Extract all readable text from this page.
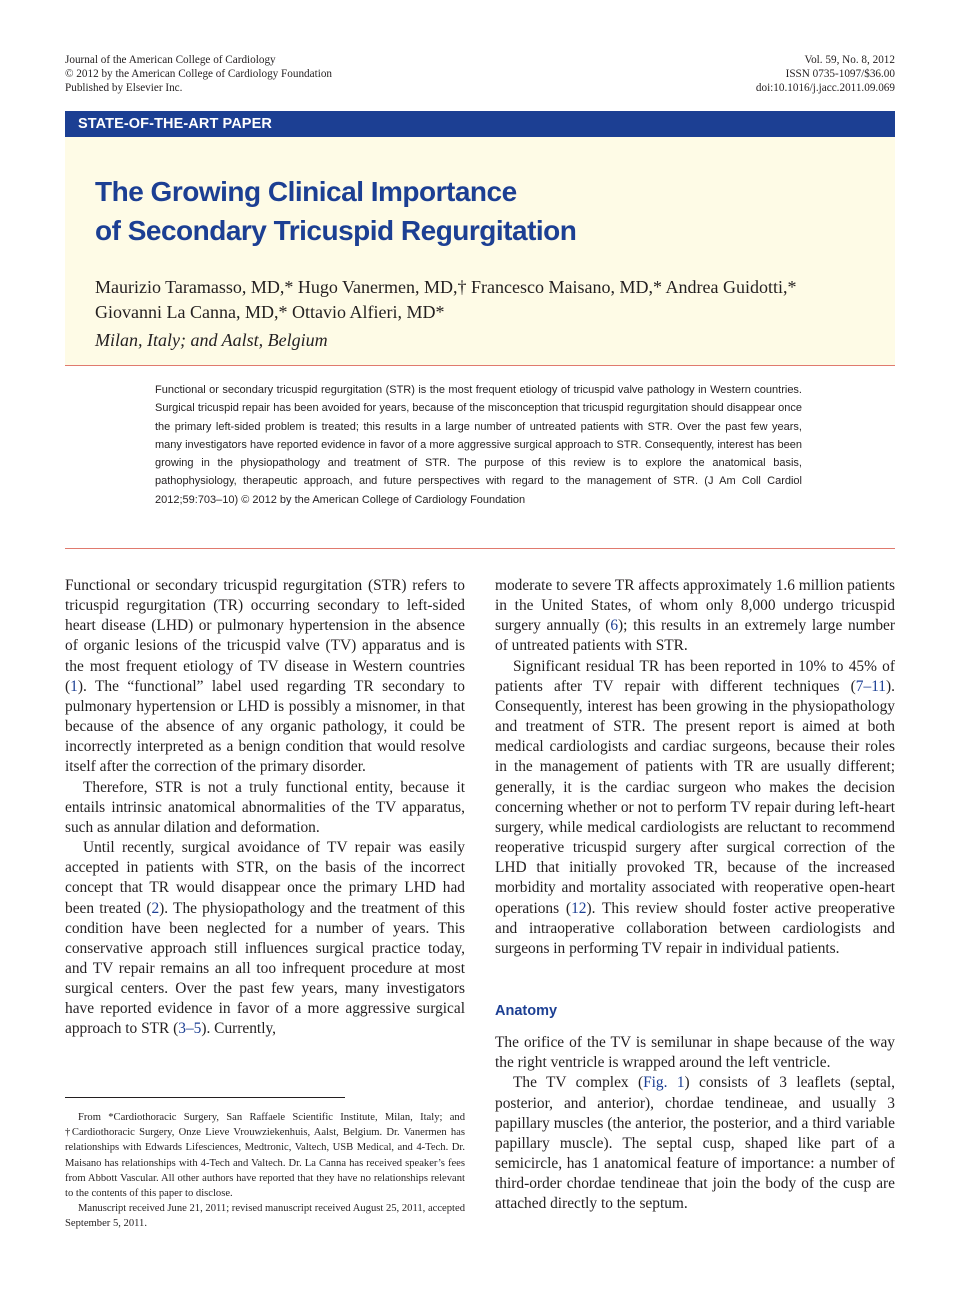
Journal of the American College of Cardiology
© 2012 by the American College of Cardiology Foundation
Published by Elsevier Inc.
Vol. 59, No. 8, 2012
ISSN 0735-1097/$36.00
doi:10.1016/j.jacc.2011.09.069
STATE-OF-THE-ART PAPER
The Growing Clinical Importance
of Secondary Tricuspid Regurgitation
Maurizio Taramasso, MD,* Hugo Vanermen, MD,† Francesco Maisano, MD,* Andrea Guidotti,*
Giovanni La Canna, MD,* Ottavio Alfieri, MD*
Milan, Italy; and Aalst, Belgium
Functional or secondary tricuspid regurgitation (STR) is the most frequent etiology of tricuspid valve pathology in Western countries. Surgical tricuspid repair has been avoided for years, because of the misconception that tricuspid regurgitation should disappear once the primary left-sided problem is treated; this results in a large number of untreated patients with STR. Over the past few years, many investigators have reported evidence in favor of a more aggressive surgical approach to STR. Consequently, interest has been growing in the physiopathology and treatment of STR. The purpose of this review is to explore the anatomical basis, pathophysiology, therapeutic approach, and future perspectives with regard to the management of STR. (J Am Coll Cardiol 2012;59:703–10) © 2012 by the American College of Cardiology Foundation

Functional or secondary tricuspid regurgitation (STR) refers to tricuspid regurgitation (TR) occurring secondary to left-sided heart disease (LHD) or pulmonary hypertension in the absence of organic lesions of the tricuspid valve (TV) apparatus and is the most frequent etiology of TV disease in Western countries (1). The “functional” label used regarding TR secondary to pulmonary hypertension or LHD is possibly a misnomer, in that because of the absence of any organic pathology, it could be incorrectly interpreted as a benign condition that would resolve itself after the correction of the primary disorder.

Therefore, STR is not a truly functional entity, because it entails intrinsic anatomical abnormalities of the TV apparatus, such as annular dilation and deformation.

Until recently, surgical avoidance of TV repair was easily accepted in patients with STR, on the basis of the incorrect concept that TR would disappear once the primary LHD had been treated (2). The physiopathology and the treatment of this condition have been neglected for a number of years. This conservative approach still influences surgical practice today, and TV repair remains an all too infrequent procedure at most surgical centers. Over the past few years, many investigators have reported evidence in favor of a more aggressive surgical approach to STR (3–5). Currently,

moderate to severe TR affects approximately 1.6 million patients in the United States, of whom only 8,000 undergo tricuspid surgery annually (6); this results in an extremely large number of untreated patients with STR.

Significant residual TR has been reported in 10% to 45% of patients after TV repair with different techniques (7–11). Consequently, interest has been growing in the physiopathology and treatment of STR. The present report is aimed at both medical cardiologists and cardiac surgeons, because their roles in the management of patients with TR are usually different; generally, it is the cardiac surgeon who makes the decision concerning whether or not to perform TV repair during left-heart surgery, while medical cardiologists are reluctant to recommend reoperative tricuspid surgery after surgical correction of the LHD that initially provoked TR, because of the increased morbidity and mortality associated with reoperative open-heart operations (12). This review should foster active preoperative and intraoperative collaboration between cardiologists and surgeons in performing TV repair in individual patients.

Anatomy

The orifice of the TV is semilunar in shape because of the way the right ventricle is wrapped around the left ventricle.

The TV complex (Fig. 1) consists of 3 leaflets (septal, posterior, and anterior), chordae tendineae, and usually 3 papillary muscles (the anterior, the posterior, and a third variable papillary muscle). The septal cusp, shaped like part of a semicircle, has 1 anatomical feature of importance: a number of third-order chordae tendineae that join the body of the cusp are attached directly to the septum.

From *Cardiothoracic Surgery, San Raffaele Scientific Institute, Milan, Italy; and †Cardiothoracic Surgery, Onze Lieve Vrouwziekenhuis, Aalst, Belgium. Dr. Vanermen has relationships with Edwards Lifesciences, Medtronic, Valtech, USB Medical, and 4-Tech. Dr. Maisano has relationships with 4-Tech and Valtech. Dr. La Canna has received speaker’s fees from Abbott Vascular. All other authors have reported that they have no relationships relevant to the contents of this paper to disclose.

Manuscript received June 21, 2011; revised manuscript received August 25, 2011, accepted September 5, 2011.
